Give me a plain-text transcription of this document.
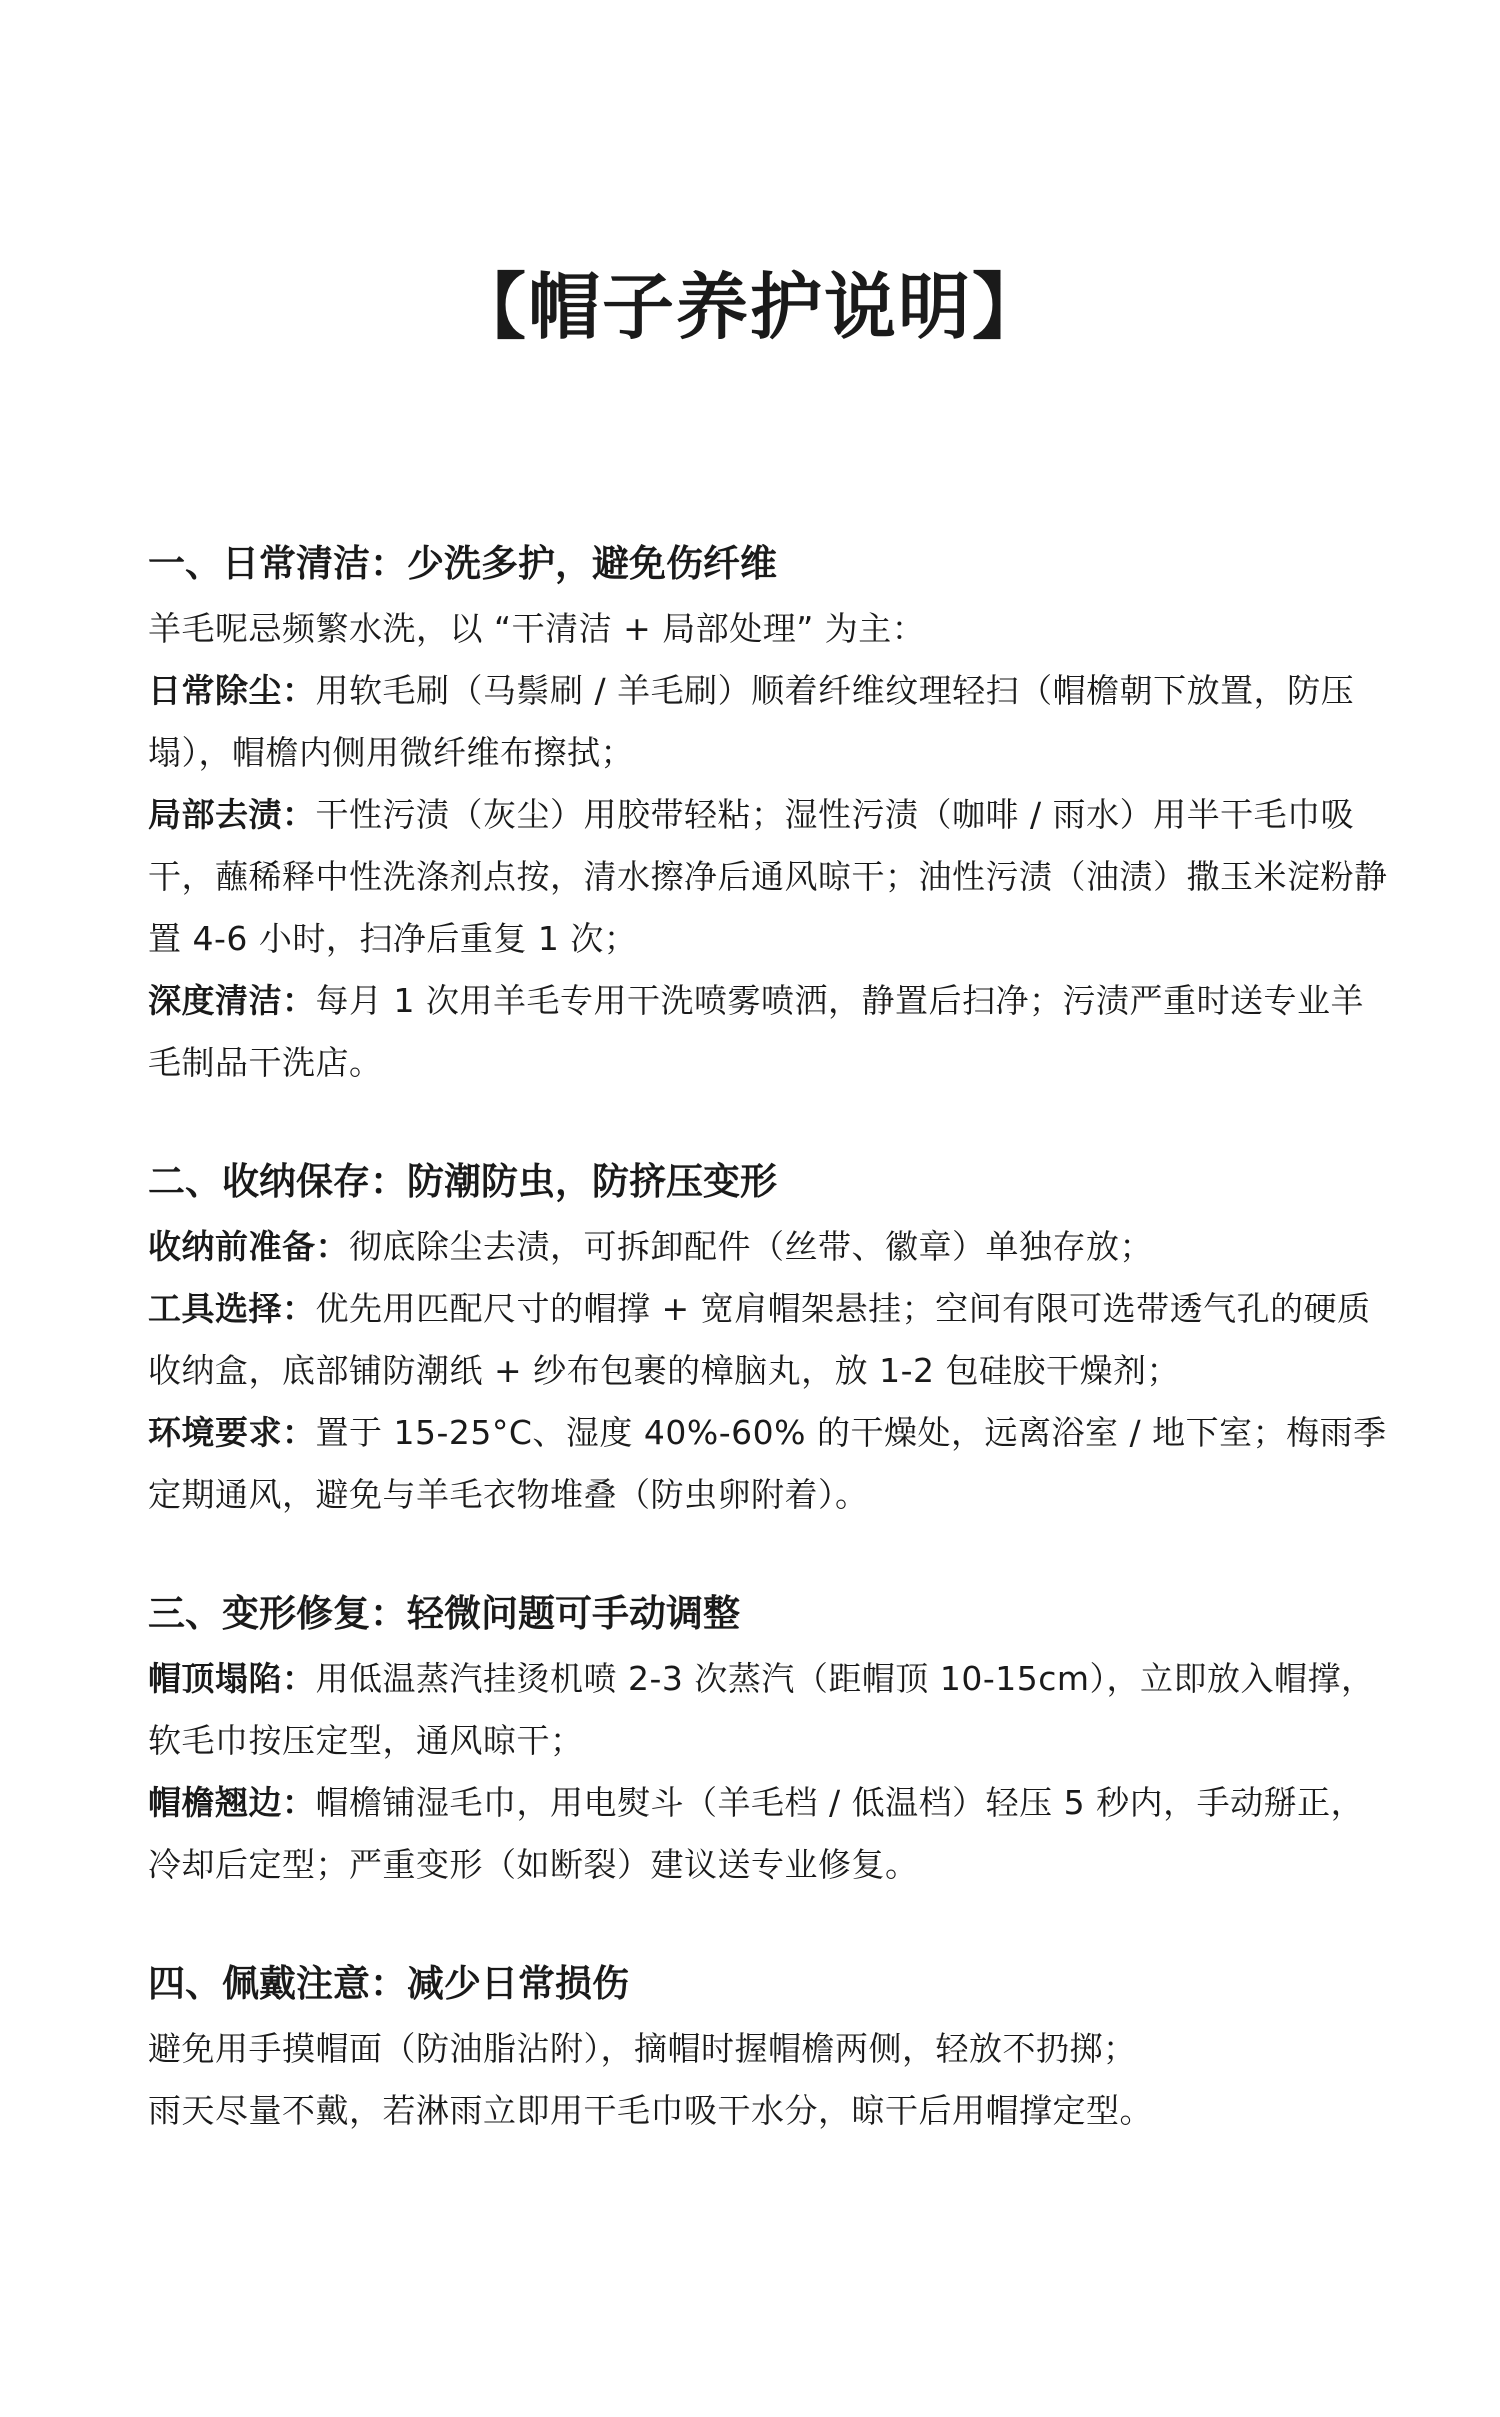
【帽子养护说明】
一、日常清洁：少洗多护，避免伤纤维

羊毛呢忌频繁水洗，以 “干清洁 + 局部处理” 为主：

日常除尘：用软毛刷（马鬃刷 / 羊毛刷）顺着纤维纹理轻扫（帽檐朝下放置，防压塌），帽檐内侧用微纤维布擦拭；

局部去渍：干性污渍（灰尘）用胶带轻粘；湿性污渍（咖啡 / 雨水）用半干毛巾吸干，蘸稀释中性洗涤剂点按，清水擦净后通风晾干；油性污渍（油渍）撒玉米淀粉静置 4-6 小时，扫净后重复 1 次；

深度清洁：每月 1 次用羊毛专用干洗喷雾喷洒，静置后扫净；污渍严重时送专业羊毛制品干洗店。

二、收纳保存：防潮防虫，防挤压变形

收纳前准备：彻底除尘去渍，可拆卸配件（丝带、徽章）单独存放；

工具选择：优先用匹配尺寸的帽撑 + 宽肩帽架悬挂；空间有限可选带透气孔的硬质收纳盒，底部铺防潮纸 + 纱布包裹的樟脑丸，放 1-2 包硅胶干燥剂；

环境要求：置于 15-25°C、湿度 40%-60% 的干燥处，远离浴室 / 地下室；梅雨季定期通风，避免与羊毛衣物堆叠（防虫卵附着）。

三、变形修复：轻微问题可手动调整

帽顶塌陷：用低温蒸汽挂烫机喷 2-3 次蒸汽（距帽顶 10-15cm），立即放入帽撑，软毛巾按压定型，通风晾干；

帽檐翘边：帽檐铺湿毛巾，用电熨斗（羊毛档 / 低温档）轻压 5 秒内，手动掰正，冷却后定型；严重变形（如断裂）建议送专业修复。

四、佩戴注意：减少日常损伤

避免用手摸帽面（防油脂沾附），摘帽时握帽檐两侧，轻放不扔掷；

雨天尽量不戴，若淋雨立即用干毛巾吸干水分，晾干后用帽撑定型。
